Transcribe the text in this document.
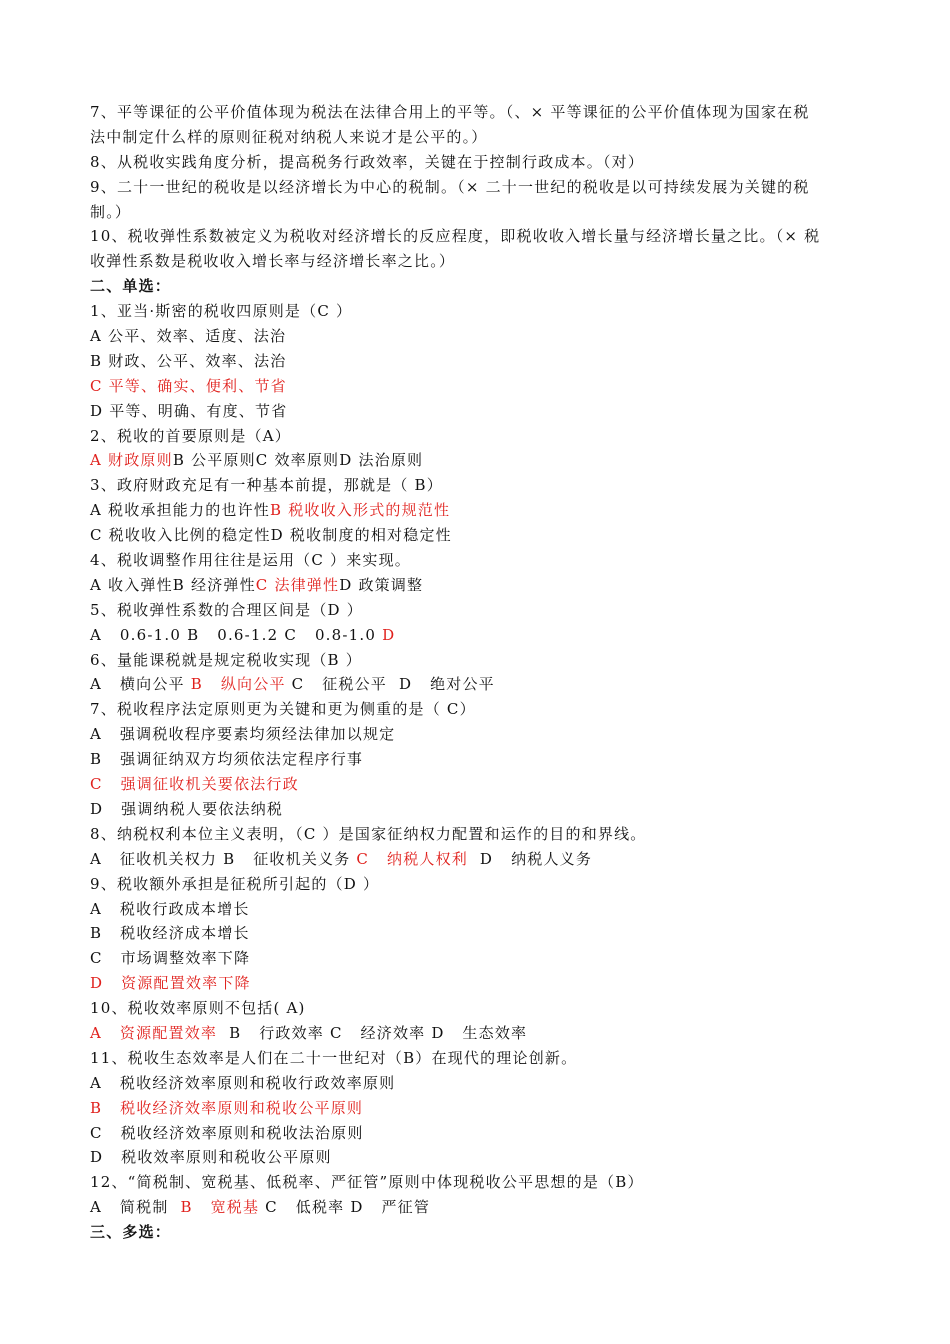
7、平等课征的公平价值体现为税法在法律合用上的平等。（、× 平等课征的公平价值体现为国家在税
法中制定什么样的原则征税对纳税人来说才是公平的。）
8、从税收实践角度分析，提高税务行政效率，关键在于控制行政成本。（对）
9、二十一世纪的税收是以经济增长为中心的税制。（× 二十一世纪的税收是以可持续发展为关键的税
制。）
10、税收弹性系数被定义为税收对经济增长的反应程度，即税收收入增长量与经济增长量之比。（× 税
收弹性系数是税收收入增长率与经济增长率之比。）
二、单选：
1、亚当·斯密的税收四原则是（C ）
A 公平、效率、适度、法治
B 财政、公平、效率、法治
C 平等、确实、便利、节省
D 平等、明确、有度、节省
2、税收的首要原则是（A）
A 财政原则B 公平原则C 效率原则D 法治原则
3、政府财政充足有一种基本前提，那就是（ B）
A 税收承担能力的也许性B 税收收入形式的规范性
C 税收收入比例的稳定性D 税收制度的相对稳定性
4、税收调整作用往往是运用（C ）来实现。
A 收入弹性B 经济弹性C 法律弹性D 政策调整
5、税收弹性系数的合理区间是（D ）
A   0.6-1.0 B   0.6-1.2 C   0.8-1.0 D
6、量能课税就是规定税收实现（B ）
A   横向公平 B   纵向公平 C   征税公平  D   绝对公平
7、税收程序法定原则更为关键和更为侧重的是（ C）
A   强调税收程序要素均须经法律加以规定
B   强调征纳双方均须依法定程序行事
C   强调征收机关要依法行政
D   强调纳税人要依法纳税
8、纳税权利本位主义表明，（C ）是国家征纳权力配置和运作的目的和界线。
A   征收机关权力 B   征收机关义务 C   纳税人权利  D   纳税人义务
9、税收额外承担是征税所引起的（D ）
A   税收行政成本增长
B   税收经济成本增长
C   市场调整效率下降
D   资源配置效率下降
10、税收效率原则不包括( A)
A   资源配置效率  B   行政效率 C   经济效率 D   生态效率
11、税收生态效率是人们在二十一世纪对（B）在现代的理论创新。
A   税收经济效率原则和税收行政效率原则
B   税收经济效率原则和税收公平原则
C   税收经济效率原则和税收法治原则
D   税收效率原则和税收公平原则
12、“简税制、宽税基、低税率、严征管”原则中体现税收公平思想的是（B）
A   简税制  B   宽税基 C   低税率 D   严征管
三、多选：
